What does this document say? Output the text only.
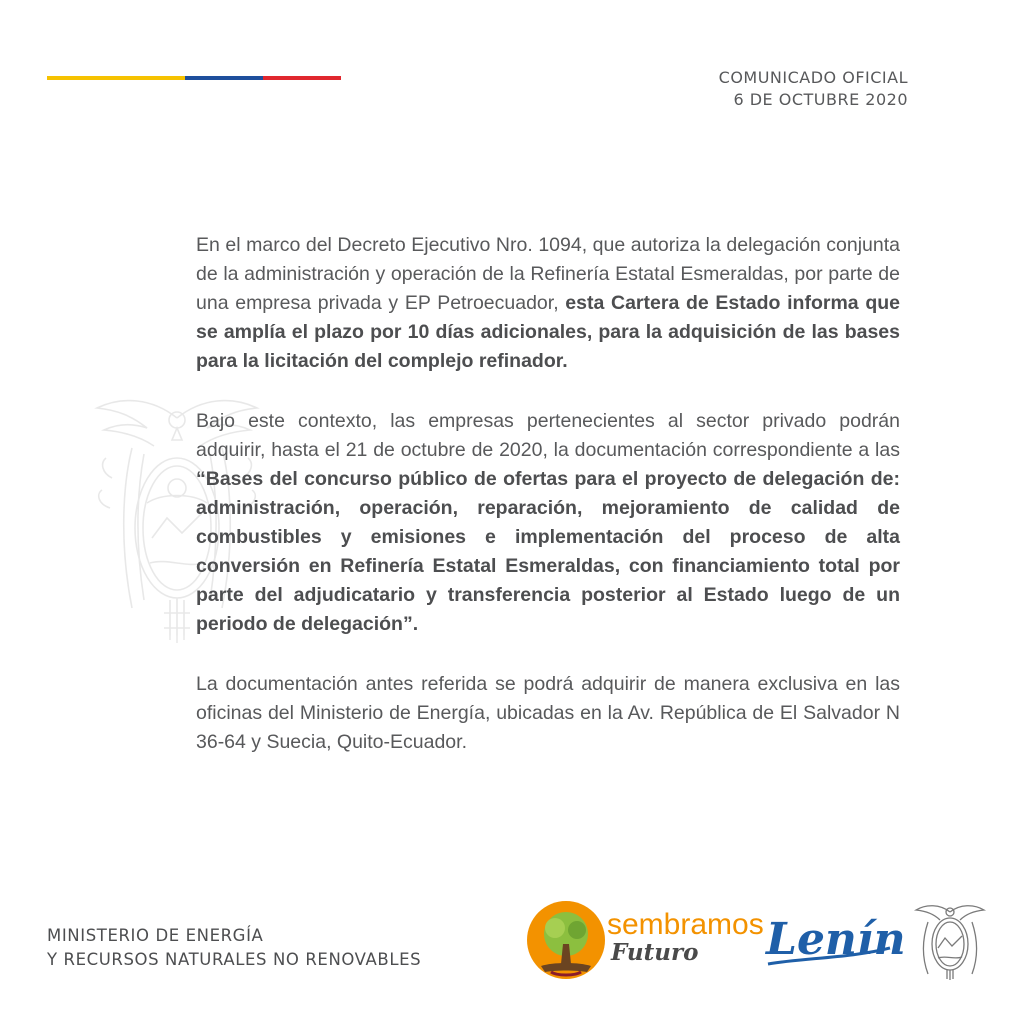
COMUNICADO OFICIAL
6 DE OCTUBRE 2020

En el marco del Decreto Ejecutivo Nro. 1094, que autoriza la delegación conjunta de la administración y operación de la Refinería Estatal Esmeraldas, por parte de una empresa privada y EP Petroecuador, esta Cartera de Estado informa que se amplía el plazo por 10 días adicionales, para la adquisición de las bases para la licitación del complejo refinador.

Bajo este contexto, las empresas pertenecientes al sector privado podrán adquirir, hasta el 21 de octubre de 2020, la documentación correspondiente a las “Bases del concurso público de ofertas para el proyecto de delegación de: administración, operación, reparación, mejoramiento de calidad de combustibles y emisiones e implementación del proceso de alta conversión en Refinería Estatal Esmeraldas, con financiamiento total por parte del adjudicatario y transferencia posterior al Estado luego de un periodo de delegación”.

La documentación antes referida se podrá adquirir de manera exclusiva en las oficinas del Ministerio de Energía, ubicadas en la Av. República de El Salvador N 36-64 y Suecia, Quito-Ecuador.

MINISTERIO DE ENERGÍA
Y RECURSOS NATURALES NO RENOVABLES
sembramos
Futuro Lenín
